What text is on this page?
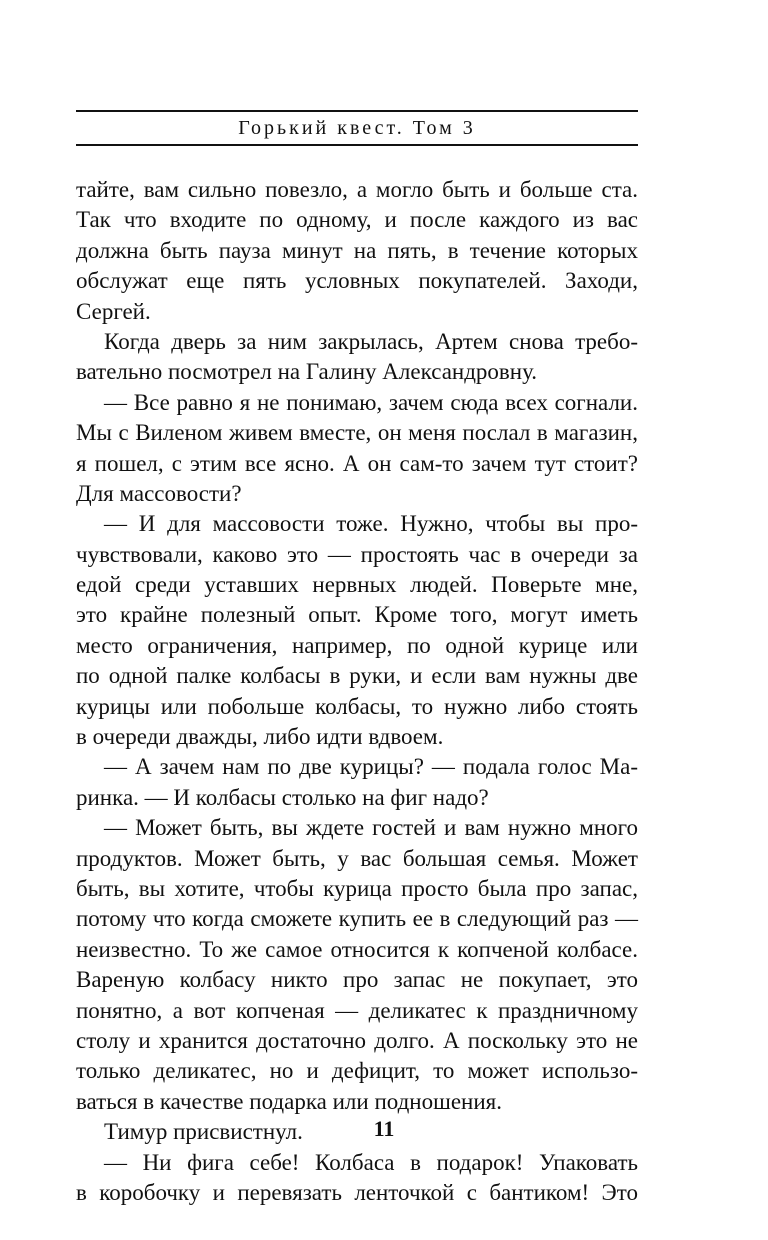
Горький квест. Том 3
тайте, вам сильно повезло, а могло быть и больше ста.
Так что входите по одному, и после каждого из вас
должна быть пауза минут на пять, в течение которых
обслужат еще пять условных покупателей. Заходи,
Сергей.
Когда дверь за ним закрылась, Артем снова требо-
вательно посмотрел на Галину Александровну.
— Все равно я не понимаю, зачем сюда всех согнали.
Мы с Виленом живем вместе, он меня послал в магазин,
я пошел, с этим все ясно. А он сам-то зачем тут стоит?
Для массовости?
— И для массовости тоже. Нужно, чтобы вы про-
чувствовали, каково это — простоять час в очереди за
едой среди уставших нервных людей. Поверьте мне,
это крайне полезный опыт. Кроме того, могут иметь
место ограничения, например, по одной курице или
по одной палке колбасы в руки, и если вам нужны две
курицы или побольше колбасы, то нужно либо стоять
в очереди дважды, либо идти вдвоем.
— А зачем нам по две курицы? — подала голос Ма-
ринка. — И колбасы столько на фиг надо?
— Может быть, вы ждете гостей и вам нужно много
продуктов. Может быть, у вас большая семья. Может
быть, вы хотите, чтобы курица просто была про запас,
потому что когда сможете купить ее в следующий раз —
неизвестно. То же самое относится к копченой колбасе.
Вареную колбасу никто про запас не покупает, это
понятно, а вот копченая — деликатес к праздничному
столу и хранится достаточно долго. А поскольку это не
только деликатес, но и дефицит, то может использо-
ваться в качестве подарка или подношения.
Тимур присвистнул.
— Ни фига себе! Колбаса в подарок! Упаковать
в коробочку и перевязать ленточкой с бантиком! Это
11
